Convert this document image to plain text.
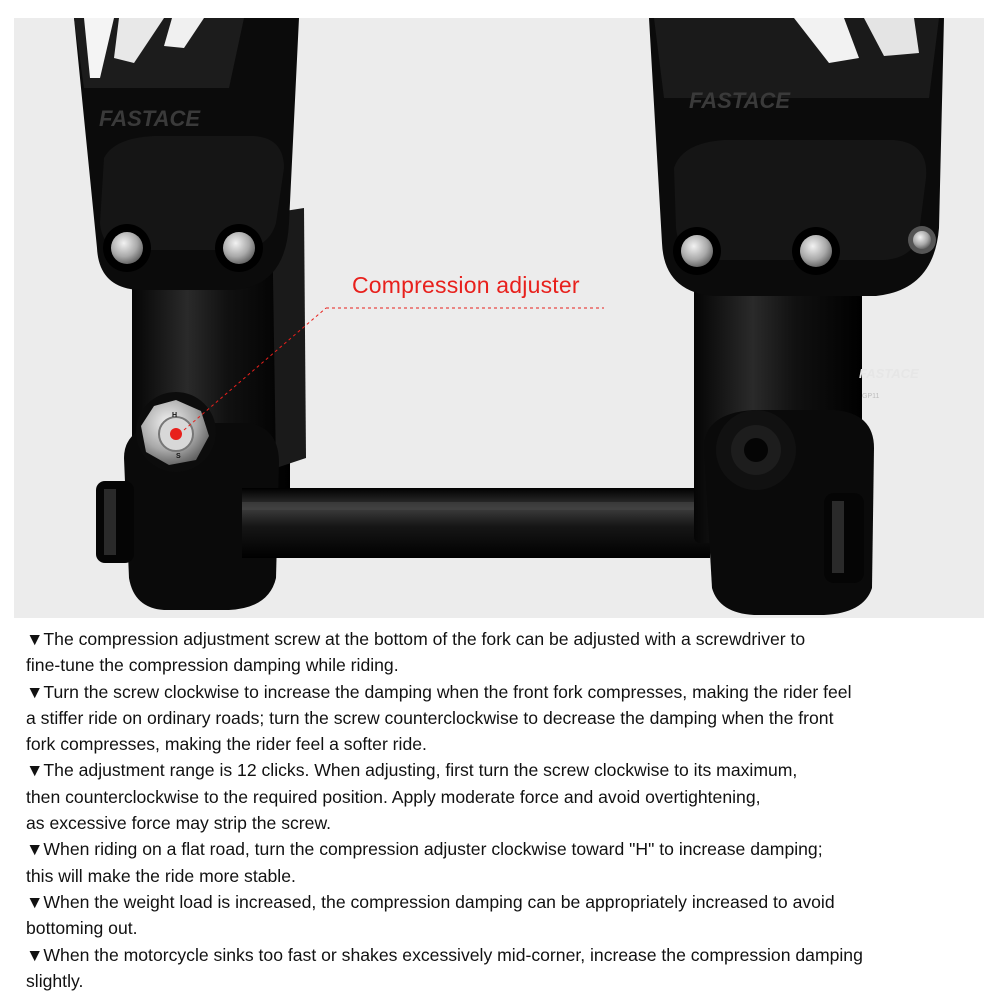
FASTACE
H
S
FASTACE
FASTACE
GP11
Compression adjuster

▼The compression adjustment screw at the bottom of the fork can be adjusted with a screwdriver to
fine-tune the compression damping while riding.

▼Turn the screw clockwise to increase the damping when the front fork compresses, making the rider feel
a stiffer ride on ordinary roads; turn the screw counterclockwise to decrease the damping when the front
fork compresses, making the rider feel a softer ride.

▼The adjustment range is 12 clicks. When adjusting, first turn the screw clockwise to its maximum,
then counterclockwise to the required position. Apply moderate force and avoid overtightening,
as excessive force may strip the screw.

▼When riding on a flat road, turn the compression adjuster clockwise toward "H" to increase damping;
this will make the ride more stable.

▼When the weight load is increased, the compression damping can be appropriately increased to avoid
bottoming out.

▼When the motorcycle sinks too fast or shakes excessively mid-corner, increase the compression damping
slightly.
